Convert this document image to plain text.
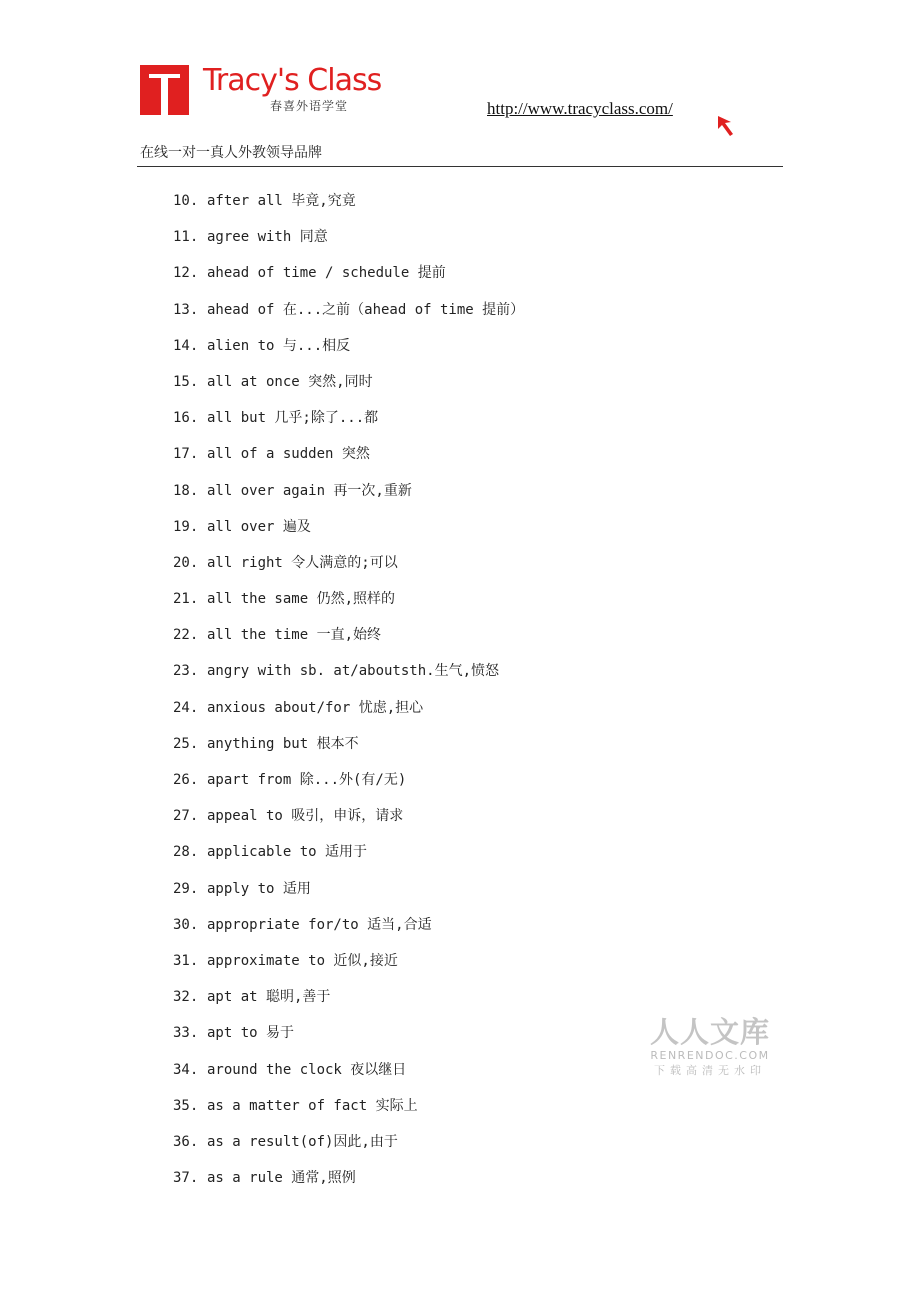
Tracy's Class
春喜外语学堂	http://www.tracyclass.com/
在线一对一真人外教领导品牌
10. after all 毕竟,究竟
11. agree with 同意
12. ahead of time / schedule 提前
13. ahead of 在...之前（ahead of time 提前）
14. alien to 与...相反
15. all at once 突然,同时
16. all but 几乎;除了...都
17. all of a sudden 突然
18. all over again 再一次,重新
19. all over 遍及
20. all right 令人满意的;可以
21. all the same 仍然,照样的
22. all the time 一直,始终
23. angry with sb. at/aboutsth.生气,愤怒
24. anxious about/for 忧虑,担心
25. anything but 根本不
26. apart from 除...外(有/无)
27. appeal to 吸引，申诉，请求
28. applicable to 适用于
29. apply to 适用
30. appropriate for/to 适当,合适
31. approximate to 近似,接近
32. apt at 聪明,善于
33. apt to 易于
34. around the clock 夜以继日
35. as a matter of fact 实际上
36. as a result(of)因此,由于
37. as a rule 通常,照例
人人文库
RENRENDOC.COM
下载高清无水印
